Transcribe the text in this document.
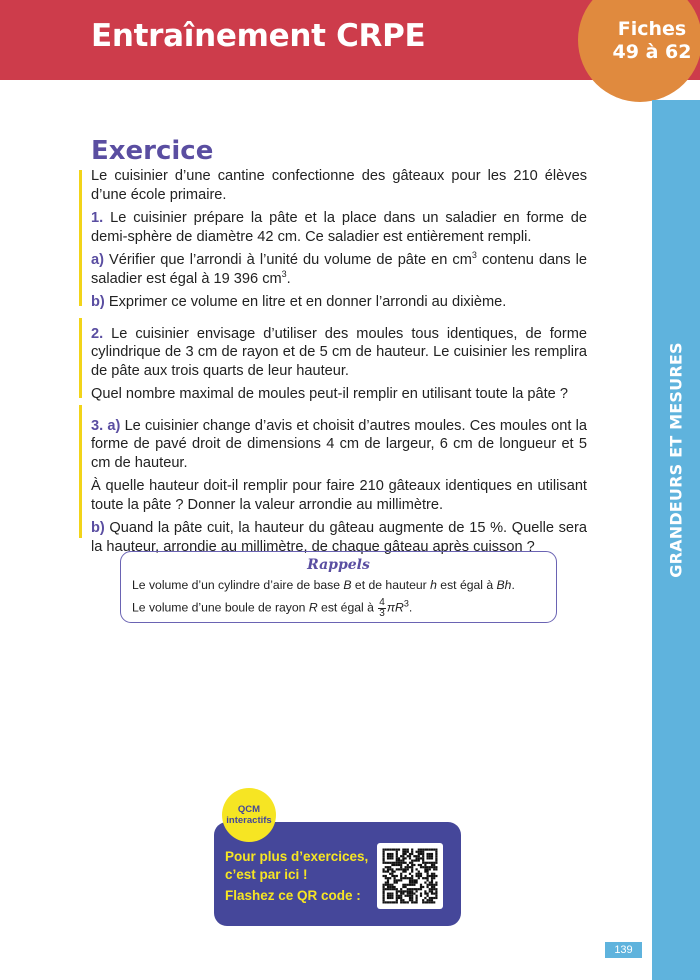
Entraînement CRPE	Fiches
49 à 62
GRANDEURS ET MESURES
Exercice

Le cuisinier d’une cantine confectionne des gâteaux pour les 210 élèves d’une école primaire.

1. Le cuisinier prépare la pâte et la place dans un saladier en forme de demi-sphère de diamètre 42 cm. Ce saladier est entièrement rempli.

a) Vérifier que l’arrondi à l’unité du volume de pâte en $cm^3$ contenu dans le saladier est égal à 19 396 $cm^3$.

b) Exprimer ce volume en litre et en donner l’arrondi au dixième.

2. Le cuisinier envisage d’utiliser des moules tous identiques, de forme cylindrique de 3 cm de rayon et de 5 cm de hauteur. Le cuisinier les remplira de pâte aux trois quarts de leur hauteur.

Quel nombre maximal de moules peut-il remplir en utilisant toute la pâte ?

3. a) Le cuisinier change d’avis et choisit d’autres moules. Ces moules ont la forme de pavé droit de dimensions 4 cm de largeur, 6 cm de longueur et 5 cm de hauteur.

À quelle hauteur doit-il remplir pour faire 210 gâteaux identiques en utilisant toute la pâte ? Donner la valeur arrondie au millimètre.

b) Quand la pâte cuit, la hauteur du gâteau augmente de 15 %. Quelle sera la hauteur, arrondie au millimètre, de chaque gâteau après cuisson ?

Rappels
Le volume d’un cylindre d’aire de base B et de hauteur h est égal à Bh.
Le volume d’une boule de rayon R est égal à $\frac{4}{3} \pi R^3$.
QCM
interactifs
Pour plus d’exercices,
c’est par ici !
Flashez ce QR code :
139
